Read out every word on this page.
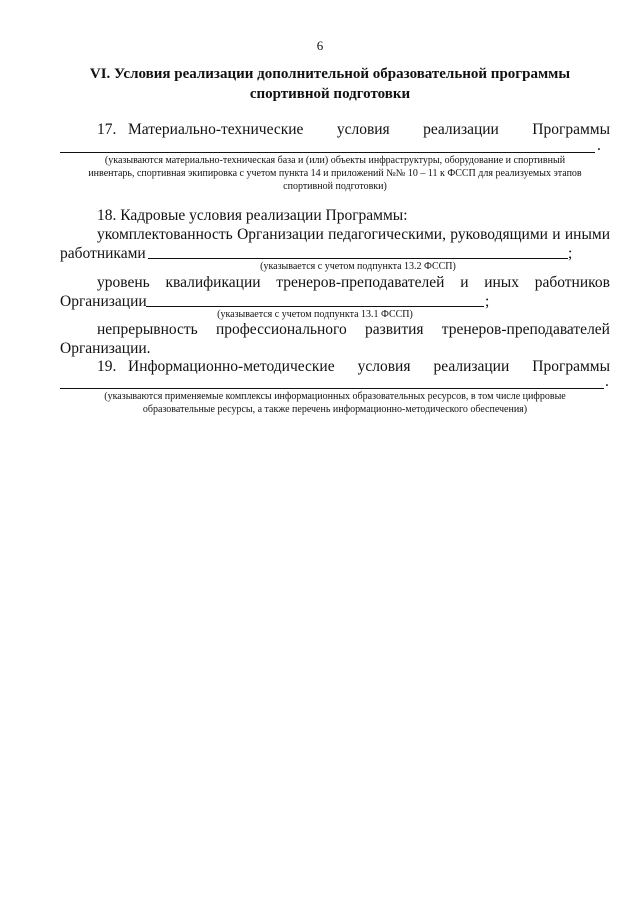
6
VI. Условия реализации дополнительной образовательной программы
спортивной подготовки
17. Материально-технические условия реализации Программы
.
(указываются материально-техническая база и (или) объекты инфраструктуры, оборудование и спортивный
инвентарь, спортивная экипировка с учетом пункта 14 и приложений №№ 10 – 11 к ФССП для реализуемых этапов
спортивной подготовки)
18. Кадровые условия реализации Программы:
укомплектованность Организации педагогическими, руководящими и иными
работниками	;
(указывается с учетом подпункта 13.2 ФССП)
уровень квалификации тренеров-преподавателей и иных работников
Организации	;
(указывается с учетом подпункта 13.1 ФССП)
непрерывность профессионального развития тренеров-преподавателей
Организации.
19. Информационно-методические условия реализации Программы
.
(указываются применяемые комплексы информационных образовательных ресурсов, в том числе цифровые
образовательные ресурсы, а также перечень информационно-методического обеспечения)
